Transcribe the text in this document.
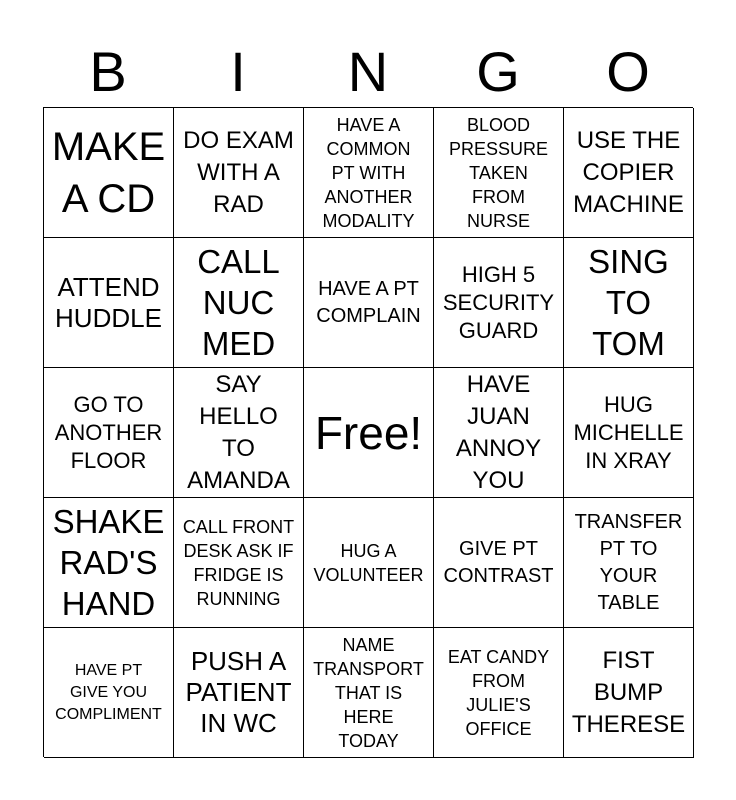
B	I	N	G	O
MAKE
A CD
DO EXAM
WITH A
RAD
HAVE A
COMMON
PT WITH
ANOTHER
MODALITY
BLOOD
PRESSURE
TAKEN
FROM
NURSE
USE THE
COPIER
MACHINE
ATTEND
HUDDLE
CALL
NUC
MED
HAVE A PT
COMPLAIN
HIGH 5
SECURITY
GUARD
SING
TO
TOM
GO TO
ANOTHER
FLOOR
SAY
HELLO
TO
AMANDA
Free!
HAVE
JUAN
ANNOY
YOU
HUG
MICHELLE
IN XRAY
SHAKE
RAD'S
HAND
CALL FRONT
DESK ASK IF
FRIDGE IS
RUNNING
HUG A
VOLUNTEER
GIVE PT
CONTRAST
TRANSFER
PT TO
YOUR
TABLE
HAVE PT
GIVE YOU
COMPLIMENT
PUSH A
PATIENT
IN WC
NAME
TRANSPORT
THAT IS
HERE
TODAY
EAT CANDY
FROM
JULIE'S
OFFICE
FIST
BUMP
THERESE
